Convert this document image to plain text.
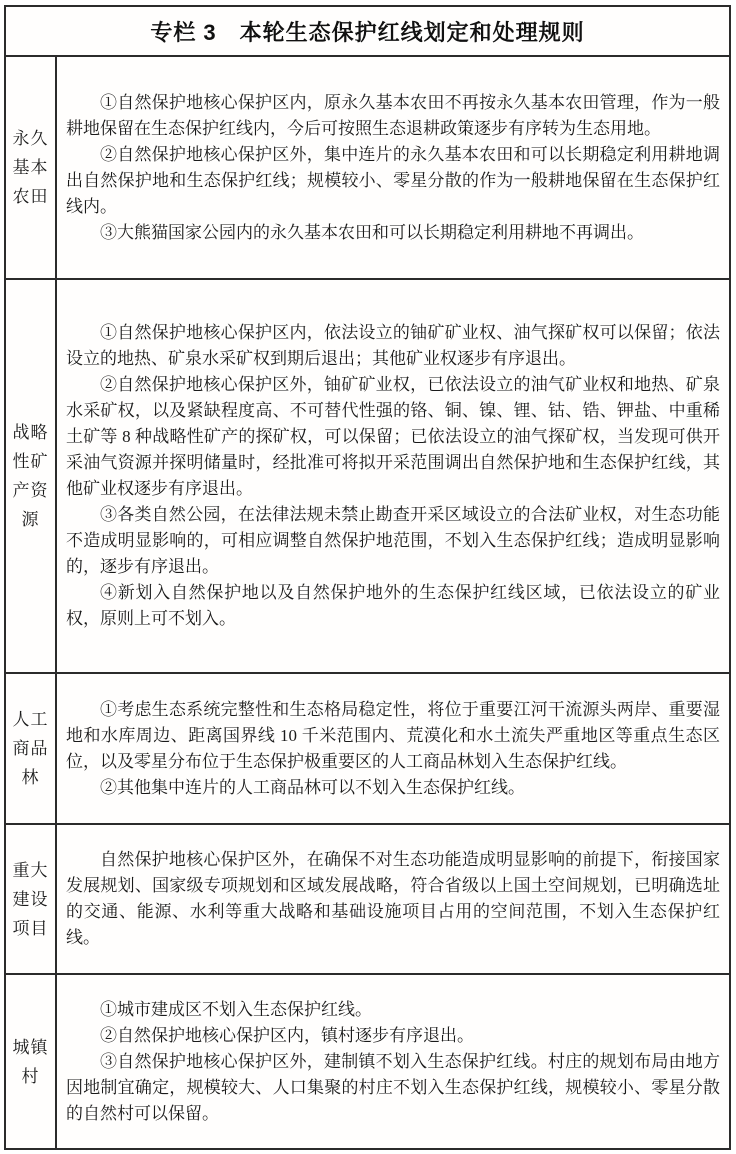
专栏 3　本轮生态保护红线划定和处理规则
永久基本农田

①自然保护地核心保护区内，原永久基本农田不再按永久基本农田管理，作为一般耕地保留在生态保护红线内，今后可按照生态退耕政策逐步有序转为生态用地。

②自然保护地核心保护区外，集中连片的永久基本农田和可以长期稳定利用耕地调出自然保护地和生态保护红线；规模较小、零星分散的作为一般耕地保留在生态保护红线内。

③大熊猫国家公园内的永久基本农田和可以长期稳定利用耕地不再调出。

战略性矿产资源

①自然保护地核心保护区内，依法设立的铀矿矿业权、油气探矿权可以保留；依法设立的地热、矿泉水采矿权到期后退出；其他矿业权逐步有序退出。

②自然保护地核心保护区外，铀矿矿业权，已依法设立的油气矿业权和地热、矿泉水采矿权，以及紧缺程度高、不可替代性强的铬、铜、镍、锂、钴、锆、钾盐、中重稀土矿等 8 种战略性矿产的探矿权，可以保留；已依法设立的油气探矿权，当发现可供开采油气资源并探明储量时，经批准可将拟开采范围调出自然保护地和生态保护红线，其他矿业权逐步有序退出。

③各类自然公园，在法律法规未禁止勘查开采区域设立的合法矿业权，对生态功能不造成明显影响的，可相应调整自然保护地范围，不划入生态保护红线；造成明显影响的，逐步有序退出。

④新划入自然保护地以及自然保护地外的生态保护红线区域，已依法设立的矿业权，原则上可不划入。

人工商品林

①考虑生态系统完整性和生态格局稳定性，将位于重要江河干流源头两岸、重要湿地和水库周边、距离国界线 10 千米范围内、荒漠化和水土流失严重地区等重点生态区位，以及零星分布位于生态保护极重要区的人工商品林划入生态保护红线。

②其他集中连片的人工商品林可以不划入生态保护红线。

重大建设项目

自然保护地核心保护区外，在确保不对生态功能造成明显影响的前提下，衔接国家发展规划、国家级专项规划和区域发展战略，符合省级以上国土空间规划，已明确选址的交通、能源、水利等重大战略和基础设施项目占用的空间范围，不划入生态保护红线。

城镇村

①城市建成区不划入生态保护红线。

②自然保护地核心保护区内，镇村逐步有序退出。

③自然保护地核心保护区外，建制镇不划入生态保护红线。村庄的规划布局由地方因地制宜确定，规模较大、人口集聚的村庄不划入生态保护红线，规模较小、零星分散的自然村可以保留。
